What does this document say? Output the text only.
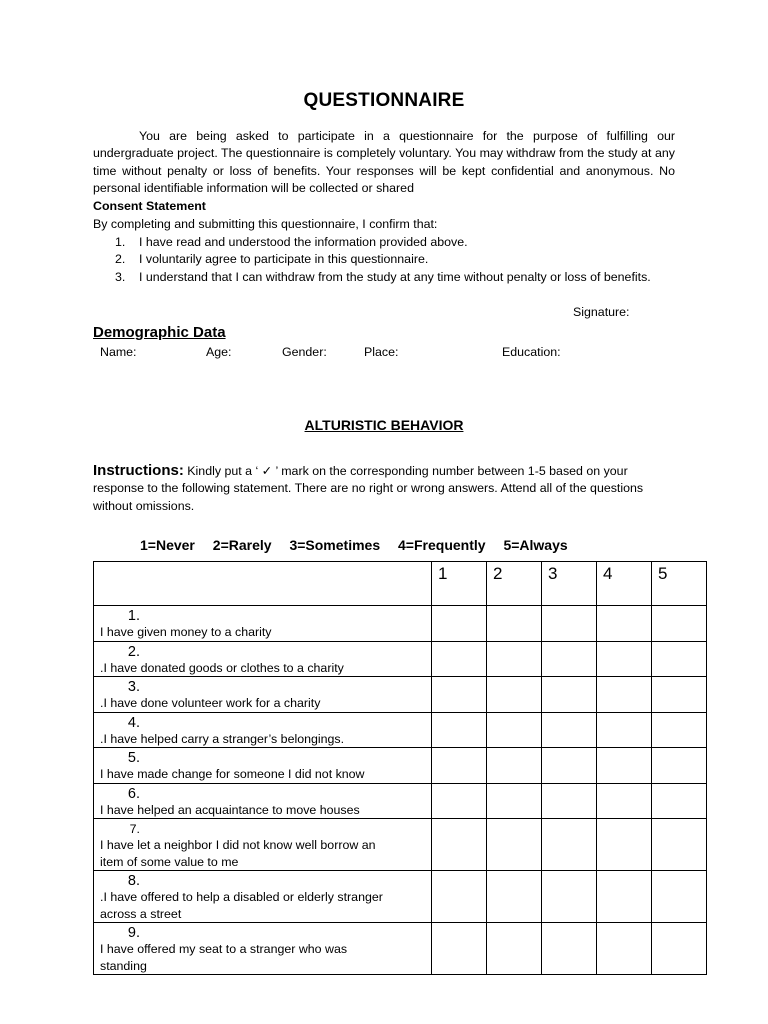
QUESTIONNAIRE

You are being asked to participate in a questionnaire for the purpose of fulfilling our undergraduate project. The questionnaire is completely voluntary. You may withdraw from the study at any time without penalty or loss of benefits. Your responses will be kept confidential and anonymous. No personal identifiable information will be collected or shared

Consent Statement
By completing and submitting this questionnaire, I confirm that:
1. I have read and understood the information provided above.
2. I voluntarily agree to participate in this questionnaire.
3. I understand that I can withdraw from the study at any time without penalty or loss of benefits.
Signature:
Demographic Data
Name:	Age:	Gender:	Place:	Education:
ALTURISTIC BEHAVIOR
Instructions: Kindly put a ‘ ✓ ’ mark on the corresponding number between 1-5 based on your response to the following statement. There are no right or wrong answers. Attend all of the questions without omissions.
1=Never 2=Rarely 3=Sometimes 4=Frequently 5=Always
	1	2	3	4	5
1.I have given money to a charity					
2..I have donated goods or clothes to a charity					
3..I have done volunteer work for a charity					
4..I have helped carry a stranger’s belongings.					
5.I have made change for someone I did not know					
6.I have helped an acquaintance to move houses					
7.I have let a neighbor I did not know well borrow an item of some value to me					
8..I have offered to help a disabled or elderly stranger across a street					
9.I have offered my seat to a stranger who was standing					
